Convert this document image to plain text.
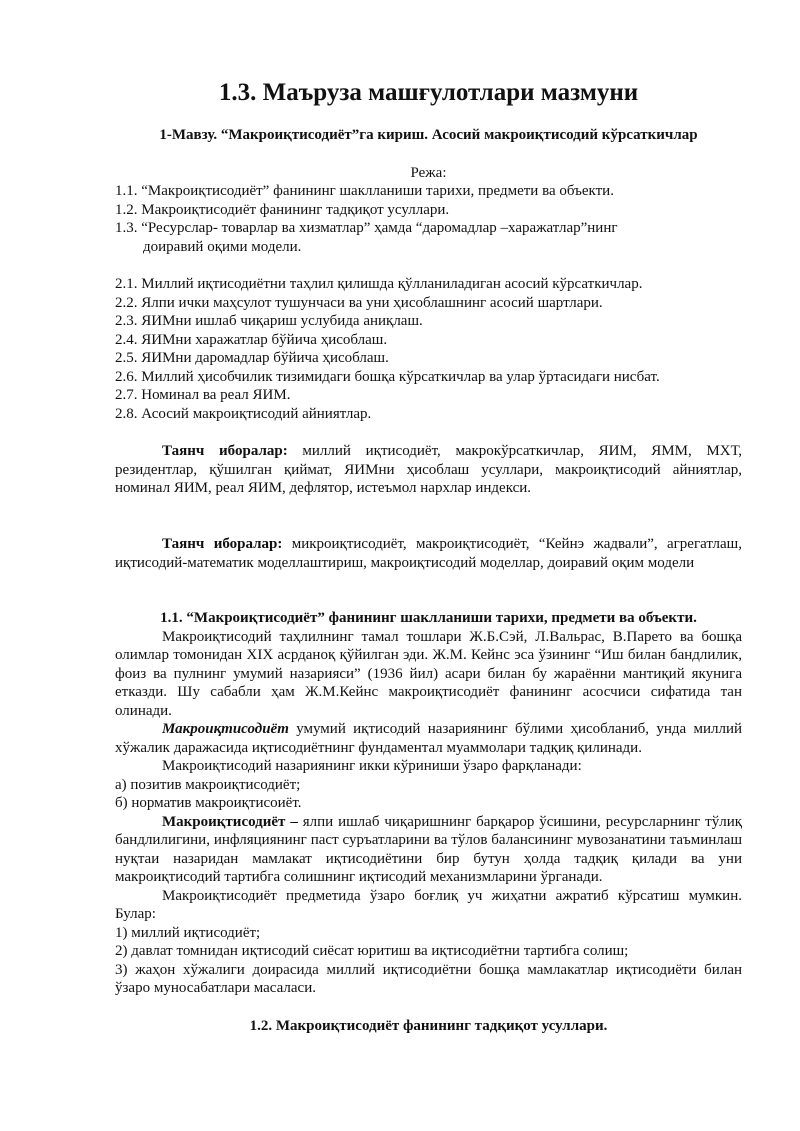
1.3. Маъруза машғулотлари мазмуни

1-Мавзу. “Макроиқтисодиёт”га кириш. Асосий макроиқтисодий кўрсаткичлар

Режа:

1.1. “Макроиқтисодиёт” фанининг шаклланиши тарихи, предмети ва объекти.
1.2. Макроиқтисодиёт фанининг тадқиқот усуллари.
1.3. “Ресурслар- товарлар ва хизматлар” ҳамда “даромадлар –харажатлар”нинг
доиравий оқими модели.
2.1. Миллий иқтисодиётни таҳлил қилишда қўлланиладиган асосий кўрсаткичлар.
2.2. Ялпи ички маҳсулот тушунчаси ва уни ҳисоблашнинг асосий шартлари.
2.3. ЯИМни ишлаб чиқариш услубида аниқлаш.
2.4. ЯИМни харажатлар бўйича ҳисоблаш.
2.5. ЯИМни даромадлар бўйича ҳисоблаш.
2.6. Миллий ҳисобчилик тизимидаги бошқа кўрсаткичлар ва улар ўртасидаги нисбат.
2.7. Номинал ва реал ЯИМ.
2.8. Асосий макроиқтисодий айниятлар.

Таянч иборалар: миллий иқтисодиёт, макрокўрсаткичлар, ЯИМ, ЯММ, МХТ, резидентлар, қўшилган қиймат, ЯИМни ҳисоблаш усуллари, макроиқтисодий айниятлар, номинал ЯИМ, реал ЯИМ, дефлятор, истеъмол нархлар индекси.

Таянч иборалар: микроиқтисодиёт, макроиқтисодиёт, “Кейнэ жадвали”, агрегатлаш, иқтисодий-математик моделлаштириш, макроиқтисодий моделлар, доиравий оқим модели

1.1. “Макроиқтисодиёт” фанининг шаклланиши тарихи, предмети ва объекти.

Макроиқтисодий таҳлилнинг тамал тошлари Ж.Б.Сэй, Л.Вальрас, В.Парето ва бошқа олимлар томонидан XIX асрданоқ қўйилган эди. Ж.М. Кейнс эса ўзининг “Иш билан бандлилик, фоиз ва пулнинг умумий назарияси” (1936 йил) асари билан бу жараённи мантиқий якунига етказди. Шу сабабли ҳам Ж.М.Кейнс макроиқтисодиёт фанининг асосчиси сифатида тан олинади.

Макроиқтисодиёт умумий иқтисодий назариянинг бўлими ҳисобланиб, унда миллий хўжалик даражасида иқтисодиётнинг фундаментал муаммолари тадқиқ қилинади.

Макроиқтисодий назариянинг икки кўриниши ўзаро фарқланади:

а) позитив макроиқтисодиёт;

б) норматив макроиқтисоиёт.

Макроиқтисодиёт – ялпи ишлаб чиқаришнинг барқарор ўсишини, ресурсларнинг тўлиқ бандлилигини, инфляциянинг паст суръатларини ва тўлов балансининг мувозанатини таъминлаш нуқтаи назаридан мамлакат иқтисодиётини бир бутун ҳолда тадқиқ қилади ва уни макроиқтисодий тартибга солишнинг иқтисодий механизмларини ўрганади.

Макроиқтисодиёт предметида ўзаро боғлиқ уч жиҳатни ажратиб кўрсатиш мумкин. Булар:

1) миллий иқтисодиёт;

2) давлат томнидан иқтисодий сиёсат юритиш ва иқтисодиётни тартибга солиш;

3) жаҳон хўжалиги доирасида миллий иқтисодиётни бошқа мамлакатлар иқтисодиёти билан ўзаро муносабатлари масаласи.

1.2. Макроиқтисодиёт фанининг тадқиқот усуллари.
